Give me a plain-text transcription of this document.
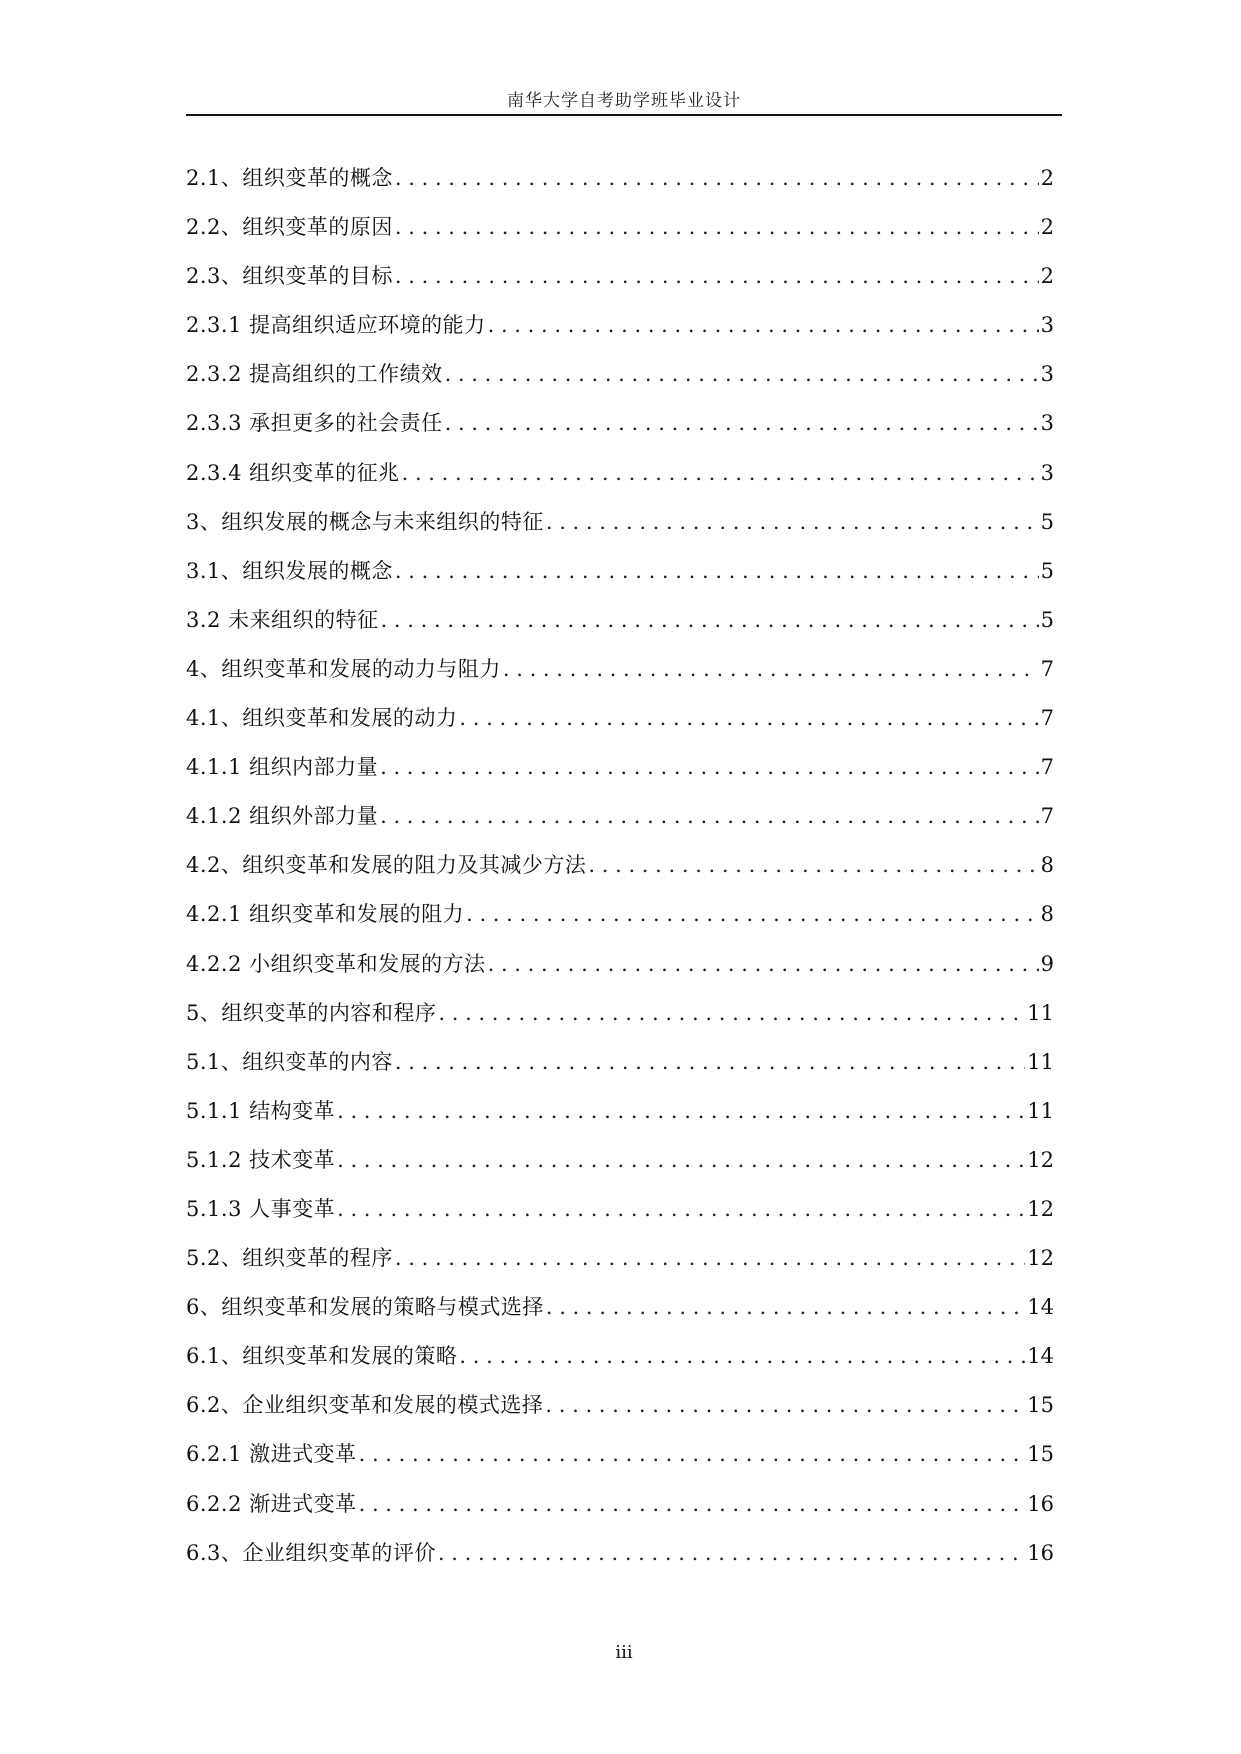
南华大学自考助学班毕业设计
2.1、组织变革的概念 . . .	2
2.2、组织变革的原因 . . .	2
2.3、组织变革的目标 . . .	2
2.3.1 提高组织适应环境的能力 . . .	3
2.3.2 提高组织的工作绩效 . . .	3
2.3.3 承担更多的社会责任 . . .	3
2.3.4 组织变革的征兆 . . .	3
3、组织发展的概念与未来组织的特征 . . .	5
3.1、组织发展的概念 . . .	5
3.2 未来组织的特征 . . .	5
4、组织变革和发展的动力与阻力 . . .	7
4.1、组织变革和发展的动力 . . .	7
4.1.1 组织内部力量 . . .	7
4.1.2 组织外部力量 . . .	7
4.2、组织变革和发展的阻力及其减少方法 . . .	8
4.2.1 组织变革和发展的阻力 . . .	8
4.2.2 小组织变革和发展的方法 . . .	9
5、组织变革的内容和程序 . . .	11
5.1、组织变革的内容 . . .	11
5.1.1 结构变革 . . .	11
5.1.2 技术变革 . . .	12
5.1.3 人事变革 . . .	12
5.2、组织变革的程序 . . .	12
6、组织变革和发展的策略与模式选择 . . .	14
6.1、组织变革和发展的策略 . . .	14
6.2、企业组织变革和发展的模式选择 . . .	15
6.2.1 激进式变革 . . .	15
6.2.2 渐进式变革 . . .	16
6.3、企业组织变革的评价 . . .	16
iii
